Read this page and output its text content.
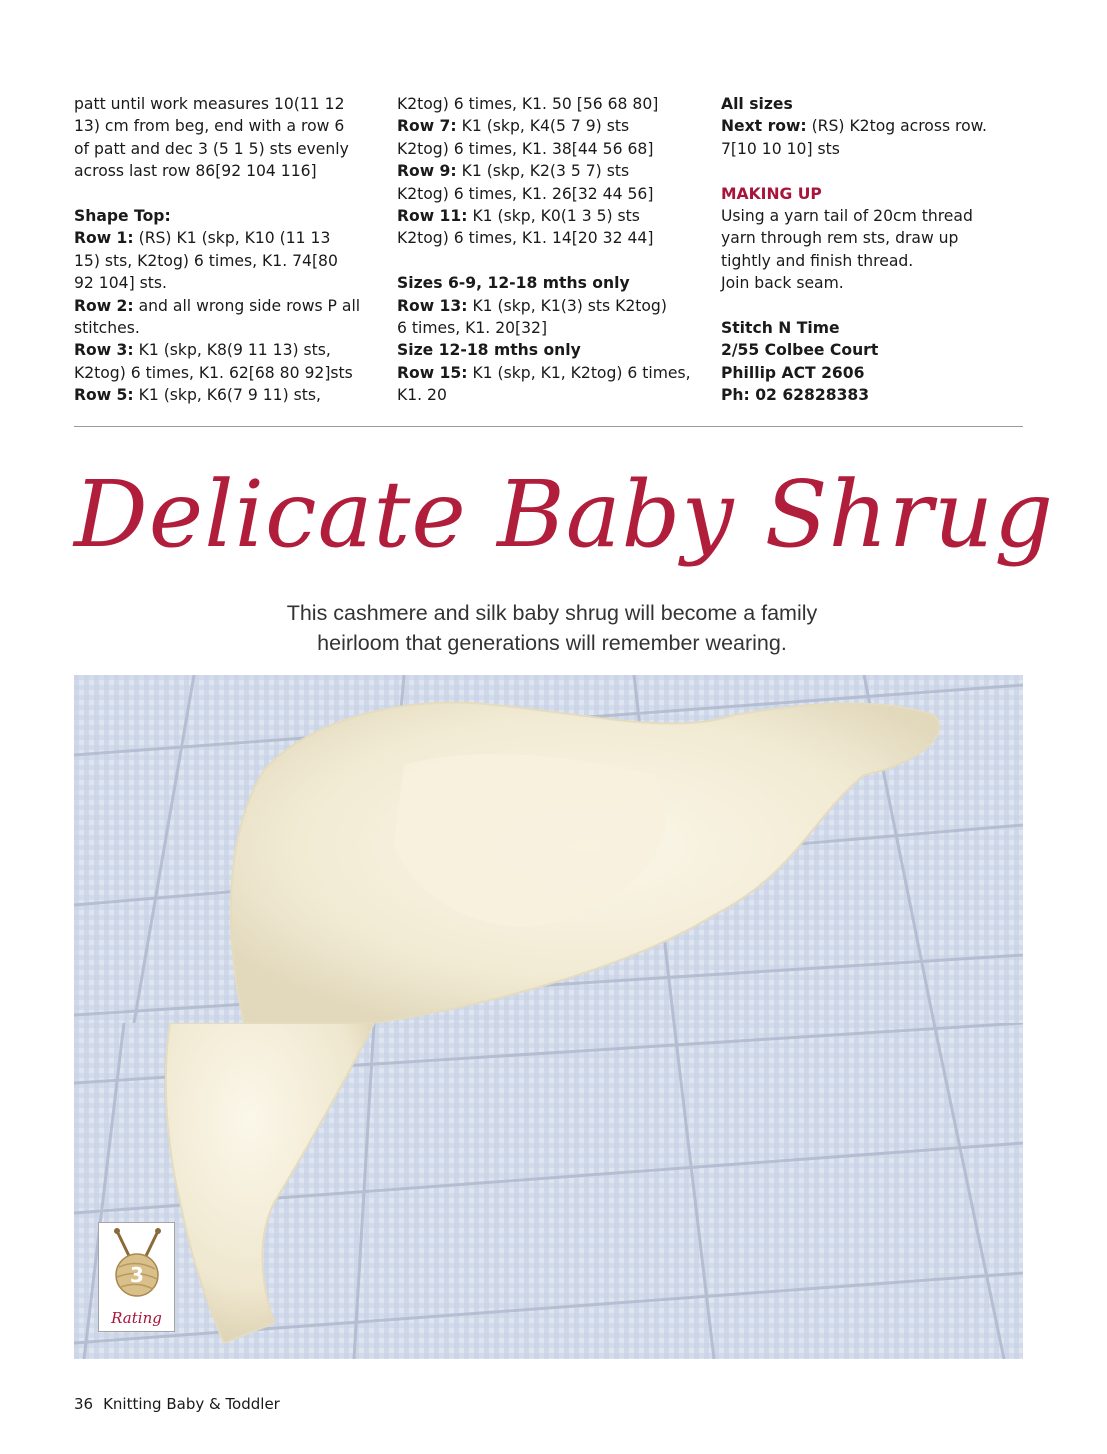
patt until work measures 10(11 12

13) cm from beg, end with a row 6

of patt and dec 3 (5 1 5) sts evenly

across last row 86[92 104 116]

Shape Top:

Row 1: (RS) K1 (skp, K10 (11 13

15) sts, K2tog) 6 times, K1. 74[80

92 104] sts.

Row 2: and all wrong side rows P all

stitches.

Row 3: K1 (skp, K8(9 11 13) sts,

K2tog) 6 times, K1. 62[68 80 92]sts

Row 5: K1 (skp, K6(7 9 11) sts,

K2tog) 6 times, K1. 50 [56 68 80]

Row 7: K1 (skp, K4(5 7 9) sts

K2tog) 6 times, K1. 38[44 56 68]

Row 9: K1 (skp, K2(3 5 7) sts

K2tog) 6 times, K1. 26[32 44 56]

Row 11: K1 (skp, K0(1 3 5) sts

K2tog) 6 times, K1. 14[20 32 44]

Sizes 6-9, 12-18 mths only

Row 13: K1 (skp, K1(3) sts K2tog)

6 times, K1. 20[32]

Size 12-18 mths only

Row 15: K1 (skp, K1, K2tog) 6 times,

K1. 20

All sizes

Next row: (RS) K2tog across row.

7[10 10 10] sts

MAKING UP

Using a yarn tail of 20cm thread

yarn through rem sts, draw up

tightly and finish thread.

Join back seam.

Stitch N Time

2/55 Colbee Court

Phillip ACT 2606

Ph: 02 62828383

Delicate Baby Shrug
This cashmere and silk baby shrug will become a family
heirloom that generations will remember wearing.
3
Rating
36 Knitting Baby & Toddler
